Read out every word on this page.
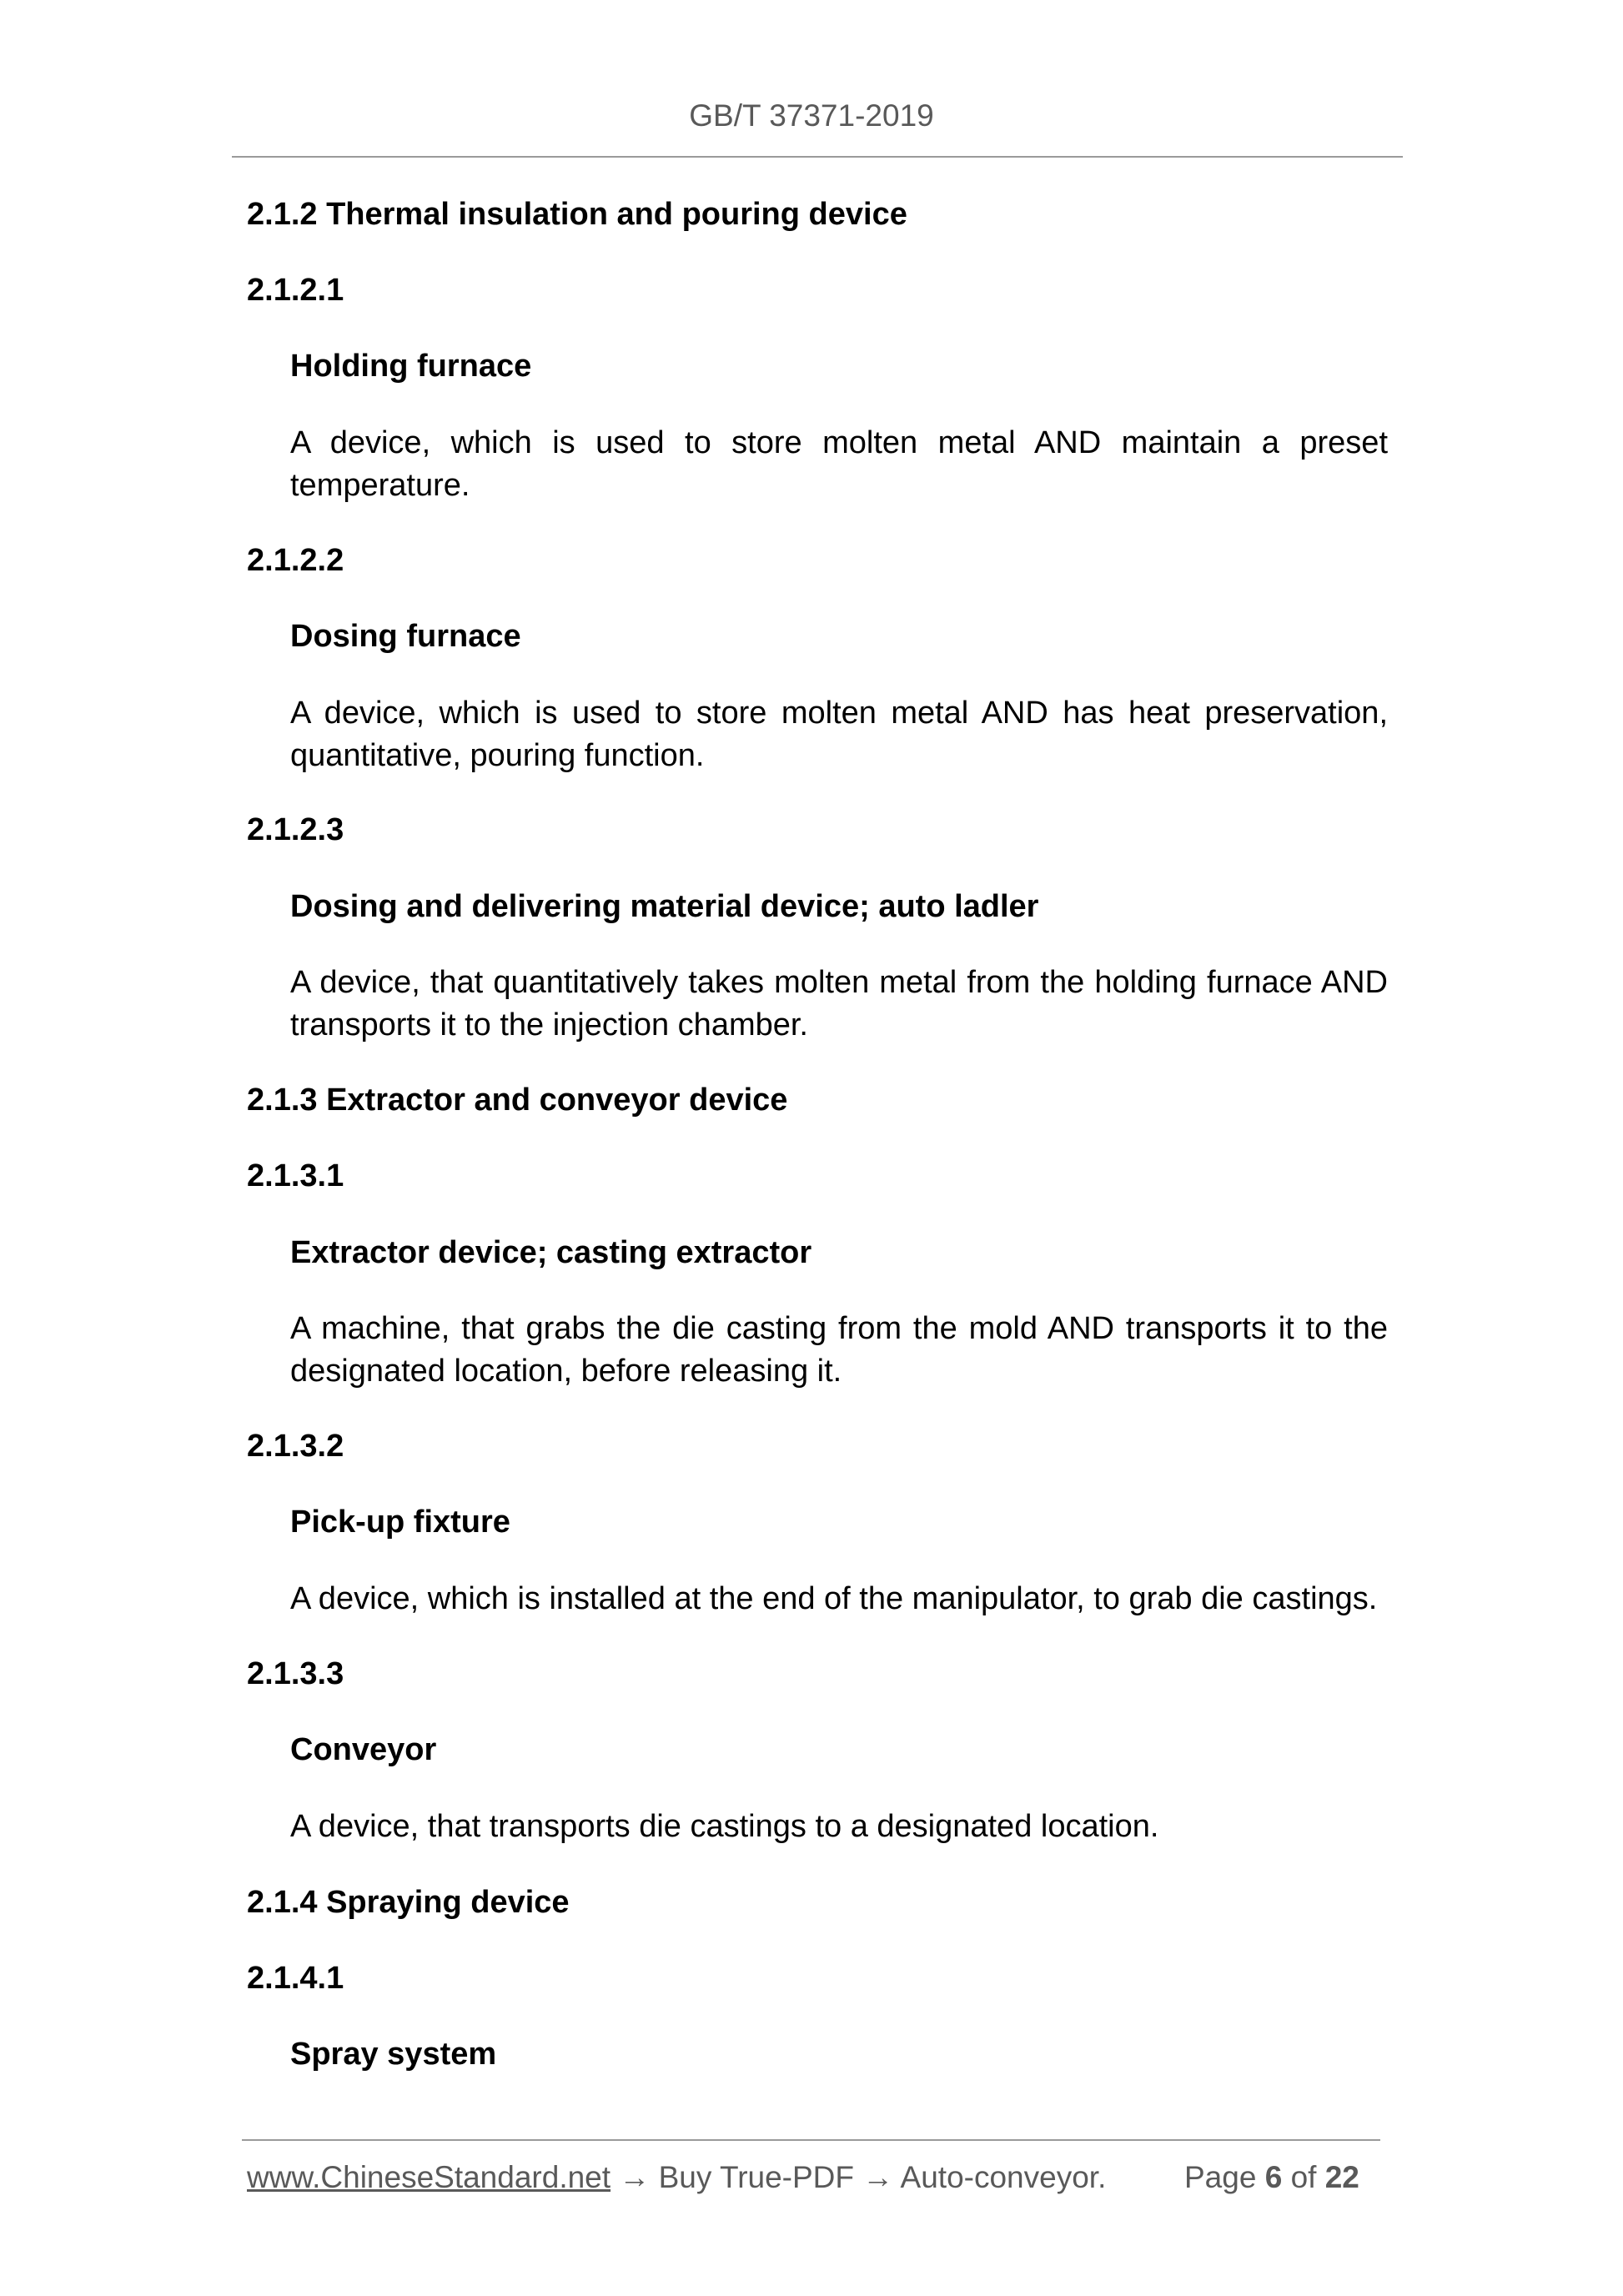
GB/T 37371-2019
2.1.2 Thermal insulation and pouring device
2.1.2.1
Holding furnace
A device, which is used to store molten metal AND maintain a preset temperature.
2.1.2.2
Dosing furnace
A device, which is used to store molten metal AND has heat preservation, quantitative, pouring function.
2.1.2.3
Dosing and delivering material device; auto ladler
A device, that quantitatively takes molten metal from the holding furnace AND transports it to the injection chamber.
2.1.3 Extractor and conveyor device
2.1.3.1
Extractor device; casting extractor
A machine, that grabs the die casting from the mold AND transports it to the designated location, before releasing it.
2.1.3.2
Pick-up fixture
A device, which is installed at the end of the manipulator, to grab die castings.
2.1.3.3
Conveyor
A device, that transports die castings to a designated location.
2.1.4 Spraying device
2.1.4.1
Spray system
www.ChineseStandard.net → Buy True-PDF → Auto-conveyor.	Page 6 of 22
